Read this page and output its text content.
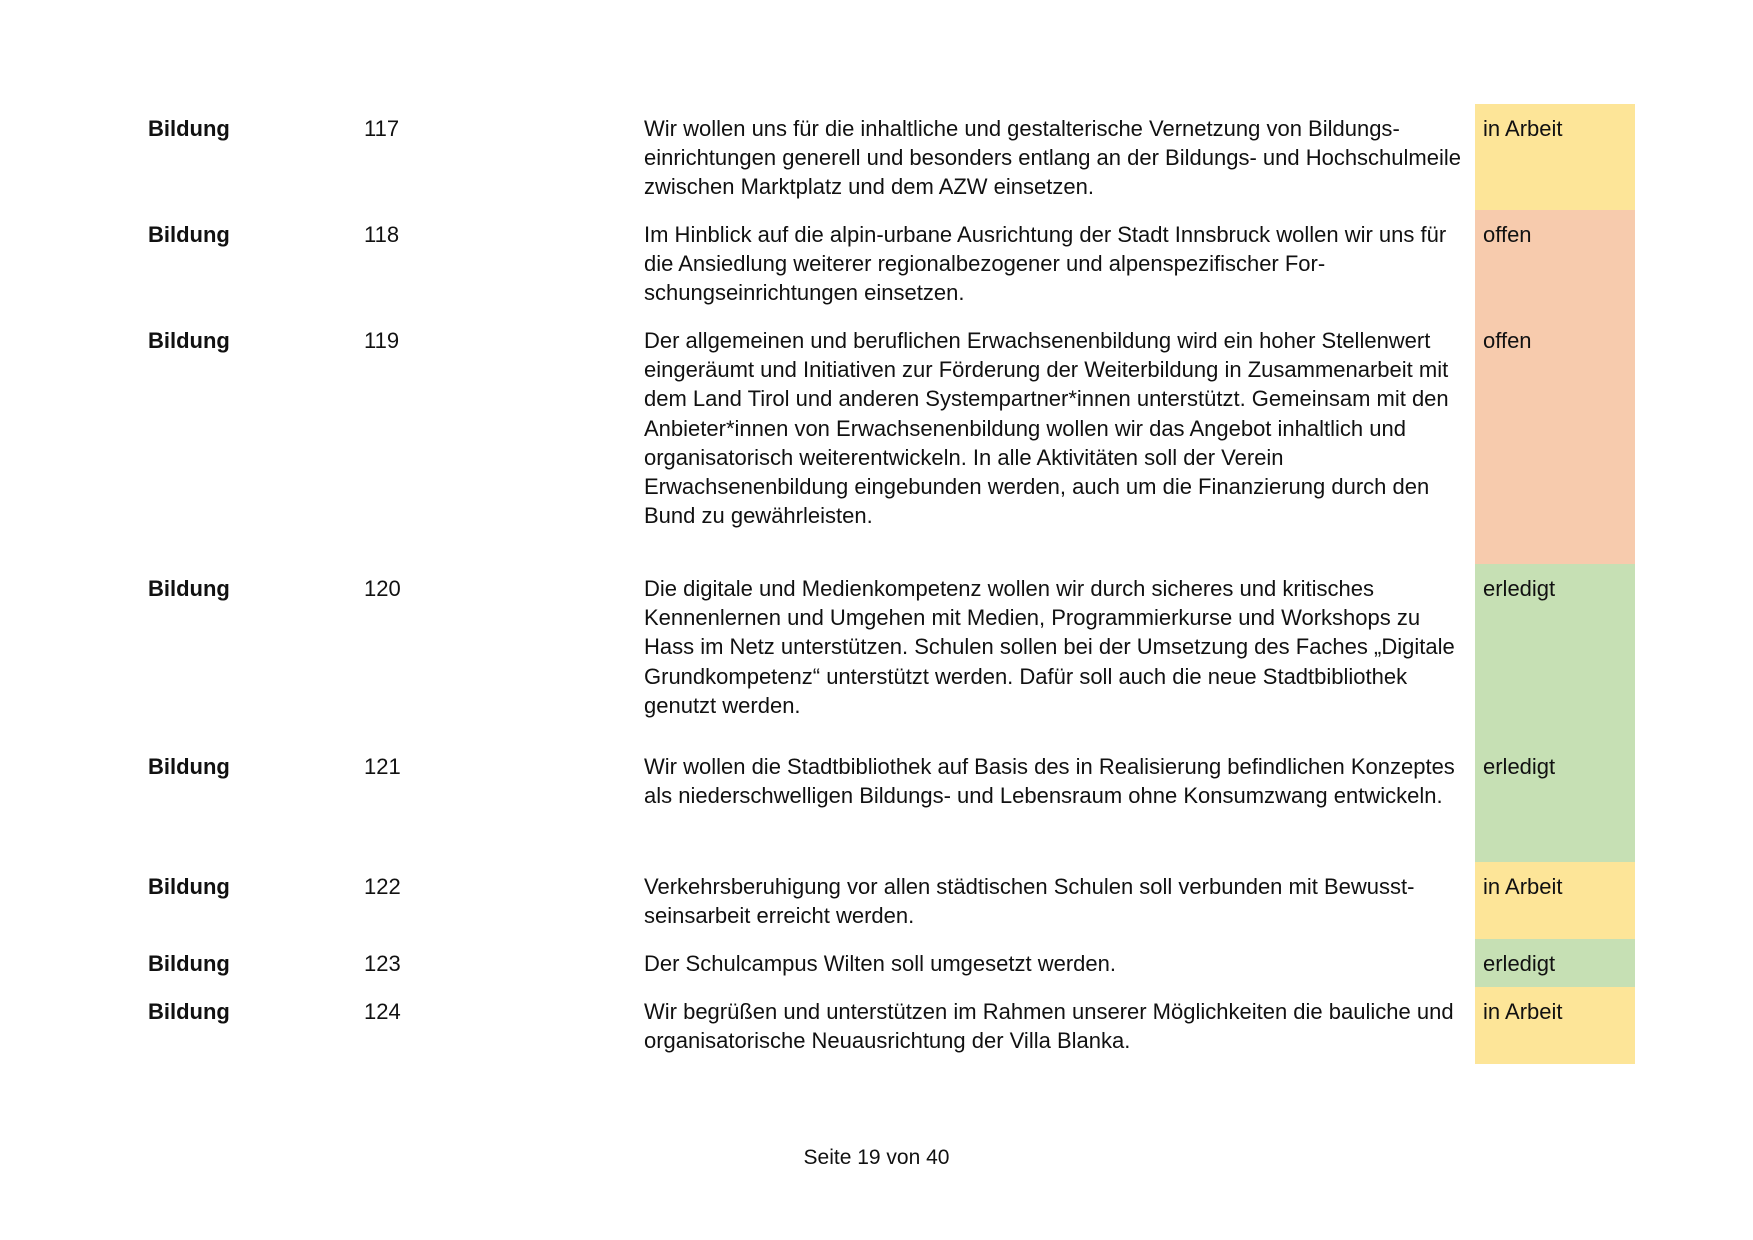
Bildung	117	Wir wollen uns für die inhaltliche und gestalterische Vernetzung von Bildungseinrichtungen generell und besonders entlang an der Bildungs- und Hochschulmeile zwischen Marktplatz und dem AZW einsetzen.	in Arbeit
Bildung	118	Im Hinblick auf die alpin-urbane Ausrichtung der Stadt Innsbruck wollen wir uns für die Ansiedlung weiterer regionalbezogener und alpenspezifischer Forschungseinrichtungen einsetzen.	offen
Bildung	119	Der allgemeinen und beruflichen Erwachsenenbildung wird ein hoher Stellenwert eingeräumt und Initiativen zur Förderung der Weiterbildung in Zusammenarbeit mit dem Land Tirol und anderen Systempartner*innen unterstützt. Gemeinsam mit den Anbieter*innen von Erwachsenenbildung wollen wir das Angebot inhaltlich und organisatorisch weiterentwickeln. In alle Aktivitäten soll der Verein Erwachsenenbildung eingebunden werden, auch um die Finanzierung durch den Bund zu gewährleisten.	offen
Bildung	120	Die digitale und Medienkompetenz wollen wir durch sicheres und kritisches Kennenlernen und Umgehen mit Medien, Programmierkurse und Workshops zu Hass im Netz unterstützen. Schulen sollen bei der Umsetzung des Faches „Digitale Grundkompetenz“ unterstützt werden. Dafür soll auch die neue Stadtbibliothek genutzt werden.	erledigt
Bildung	121	Wir wollen die Stadtbibliothek auf Basis des in Realisierung befindlichen Konzeptes als niederschwelligen Bildungs- und Lebensraum ohne Konsumzwang entwickeln.	erledigt
Bildung	122	Verkehrsberuhigung vor allen städtischen Schulen soll verbunden mit Bewusstseinsarbeit erreicht werden.	in Arbeit
Bildung	123	Der Schulcampus Wilten soll umgesetzt werden.	erledigt
Bildung	124	Wir begrüßen und unterstützen im Rahmen unserer Möglichkeiten die bauliche und organisatorische Neuausrichtung der Villa Blanka.	in Arbeit
Seite 19 von 40
